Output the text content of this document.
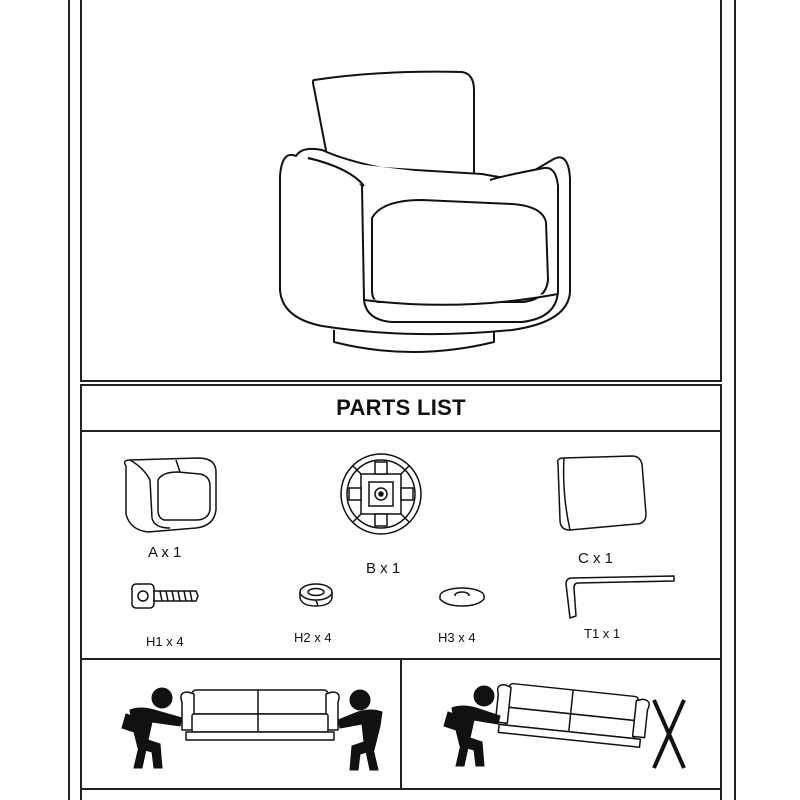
PARTS LIST
A x 1
B x 1
C x 1
H1 x 4	H2 x 4	H3 x 4	T1 x 1
